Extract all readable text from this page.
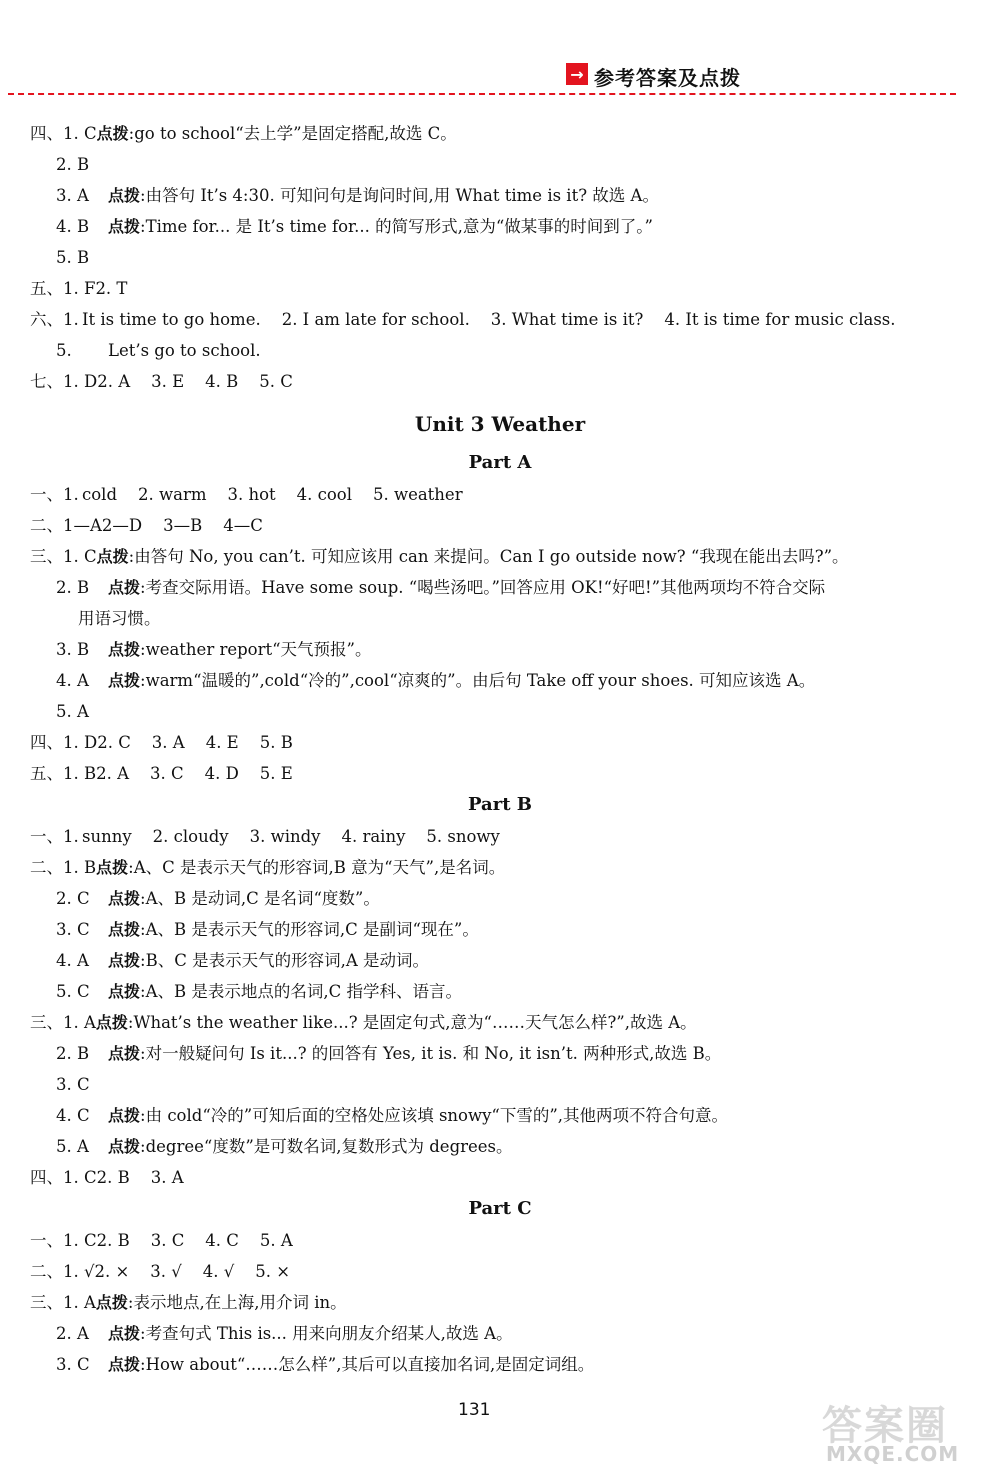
→ 参考答案及点拨
四、1. C点拨:go to school“去上学”是固定搭配,故选 C。
2. B
3. A 点拨:由答句 It’s 4:30. 可知问句是询问时间,用 What time is it? 故选 A。
4. B 点拨:Time for... 是 It’s time for... 的简写形式,意为“做某事的时间到了。”
5. B
五、1. F2. T
六、1. It is time to go home.    2. I am late for school.    3. What time is it?    4. It is time for music class.
5. Let’s go to school.
七、1. D2. A    3. E    4. B    5. C
Unit 3 Weather
Part A
一、1. cold    2. warm    3. hot    4. cool    5. weather
二、1—A2—D    3—B    4—C
三、1. C点拨:由答句 No, you can’t. 可知应该用 can 来提问。Can I go outside now? “我现在能出去吗?”。
2. B 点拨:考查交际用语。Have some soup. “喝些汤吧。”回答应用 OK!“好吧!”其他两项均不符合交际
用语习惯。
3. B 点拨:weather report“天气预报”。
4. A 点拨:warm“温暖的”,cold“冷的”,cool“凉爽的”。由后句 Take off your shoes. 可知应该选 A。
5. A
四、1. D2. C    3. A    4. E    5. B
五、1. B2. A    3. C    4. D    5. E
Part B
一、1. sunny    2. cloudy    3. windy    4. rainy    5. snowy
二、1. B点拨:A、C 是表示天气的形容词,B 意为“天气”,是名词。
2. C 点拨:A、B 是动词,C 是名词“度数”。
3. C 点拨:A、B 是表示天气的形容词,C 是副词“现在”。
4. A 点拨:B、C 是表示天气的形容词,A 是动词。
5. C 点拨:A、B 是表示地点的名词,C 指学科、语言。
三、1. A点拨:What’s the weather like...? 是固定句式,意为“……天气怎么样?”,故选 A。
2. B 点拨:对一般疑问句 Is it...? 的回答有 Yes, it is. 和 No, it isn’t. 两种形式,故选 B。
3. C
4. C 点拨:由 cold“冷的”可知后面的空格处应该填 snowy“下雪的”,其他两项不符合句意。
5. A 点拨:degree“度数”是可数名词,复数形式为 degrees。
四、1. C2. B    3. A
Part C
一、1. C2. B    3. C    4. C    5. A
二、1. √2. ×    3. √    4. √    5. ×
三、1. A点拨:表示地点,在上海,用介词 in。
2. A 点拨:考查句式 This is... 用来向朋友介绍某人,故选 A。
3. C 点拨:How about“……怎么样”,其后可以直接加名词,是固定词组。
131	答案圈
MXQE.COM
